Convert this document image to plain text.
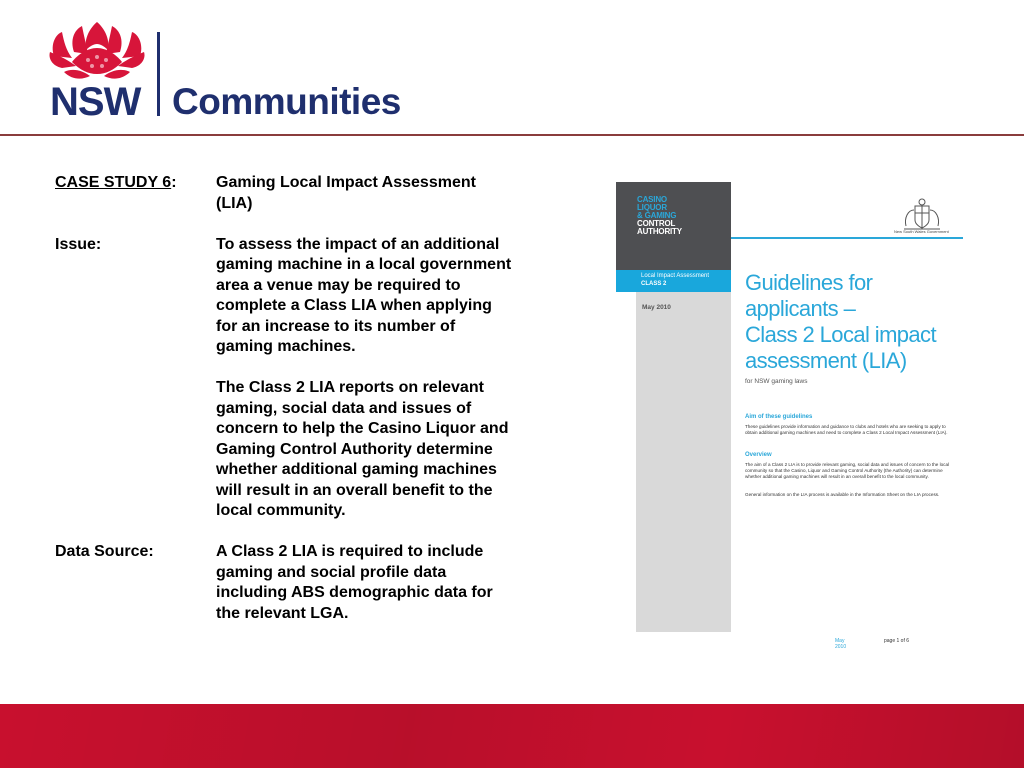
NSW Communities
CASE STUDY 6:	Gaming Local Impact Assessment
(LIA)
Issue:	To assess the impact of an additional
gaming machine in a local government
area a venue may be required to
complete a Class LIA when applying
for an increase to its number of
gaming machines.
The Class 2 LIA reports on relevant
gaming, social data and issues of
concern to help the Casino Liquor and
Gaming Control Authority determine
whether additional gaming machines
will result in an overall benefit to the
local community.
Data Source:	A Class 2 LIA is required to include
gaming and social profile data
including ABS demographic data for
the relevant LGA.
CASINO
LIQUOR
& GAMING
CONTROL
AUTHORITY	New South Wales Government
Local Impact Assessment
CLASS 2
May 2010
Guidelines for
applicants –
Class 2 Local impact
assessment (LIA)
for NSW gaming laws
Aim of these guidelines
These guidelines provide information and guidance to clubs and hotels who are seeking to apply to obtain additional gaming machines and need to complete a Class 2 Local Impact Assessment (LIA).
Overview
The aim of a Class 2 LIA is to provide relevant gaming, social data and issues of concern to the local community so that the Casino, Liquor and Gaming Control Authority (the Authority) can determine whether additional gaming machines will result in an overall benefit to the local community.
General information on the LIA process is available in the Information Sheet on the LIA process.
May
2010
page 1 of 6
